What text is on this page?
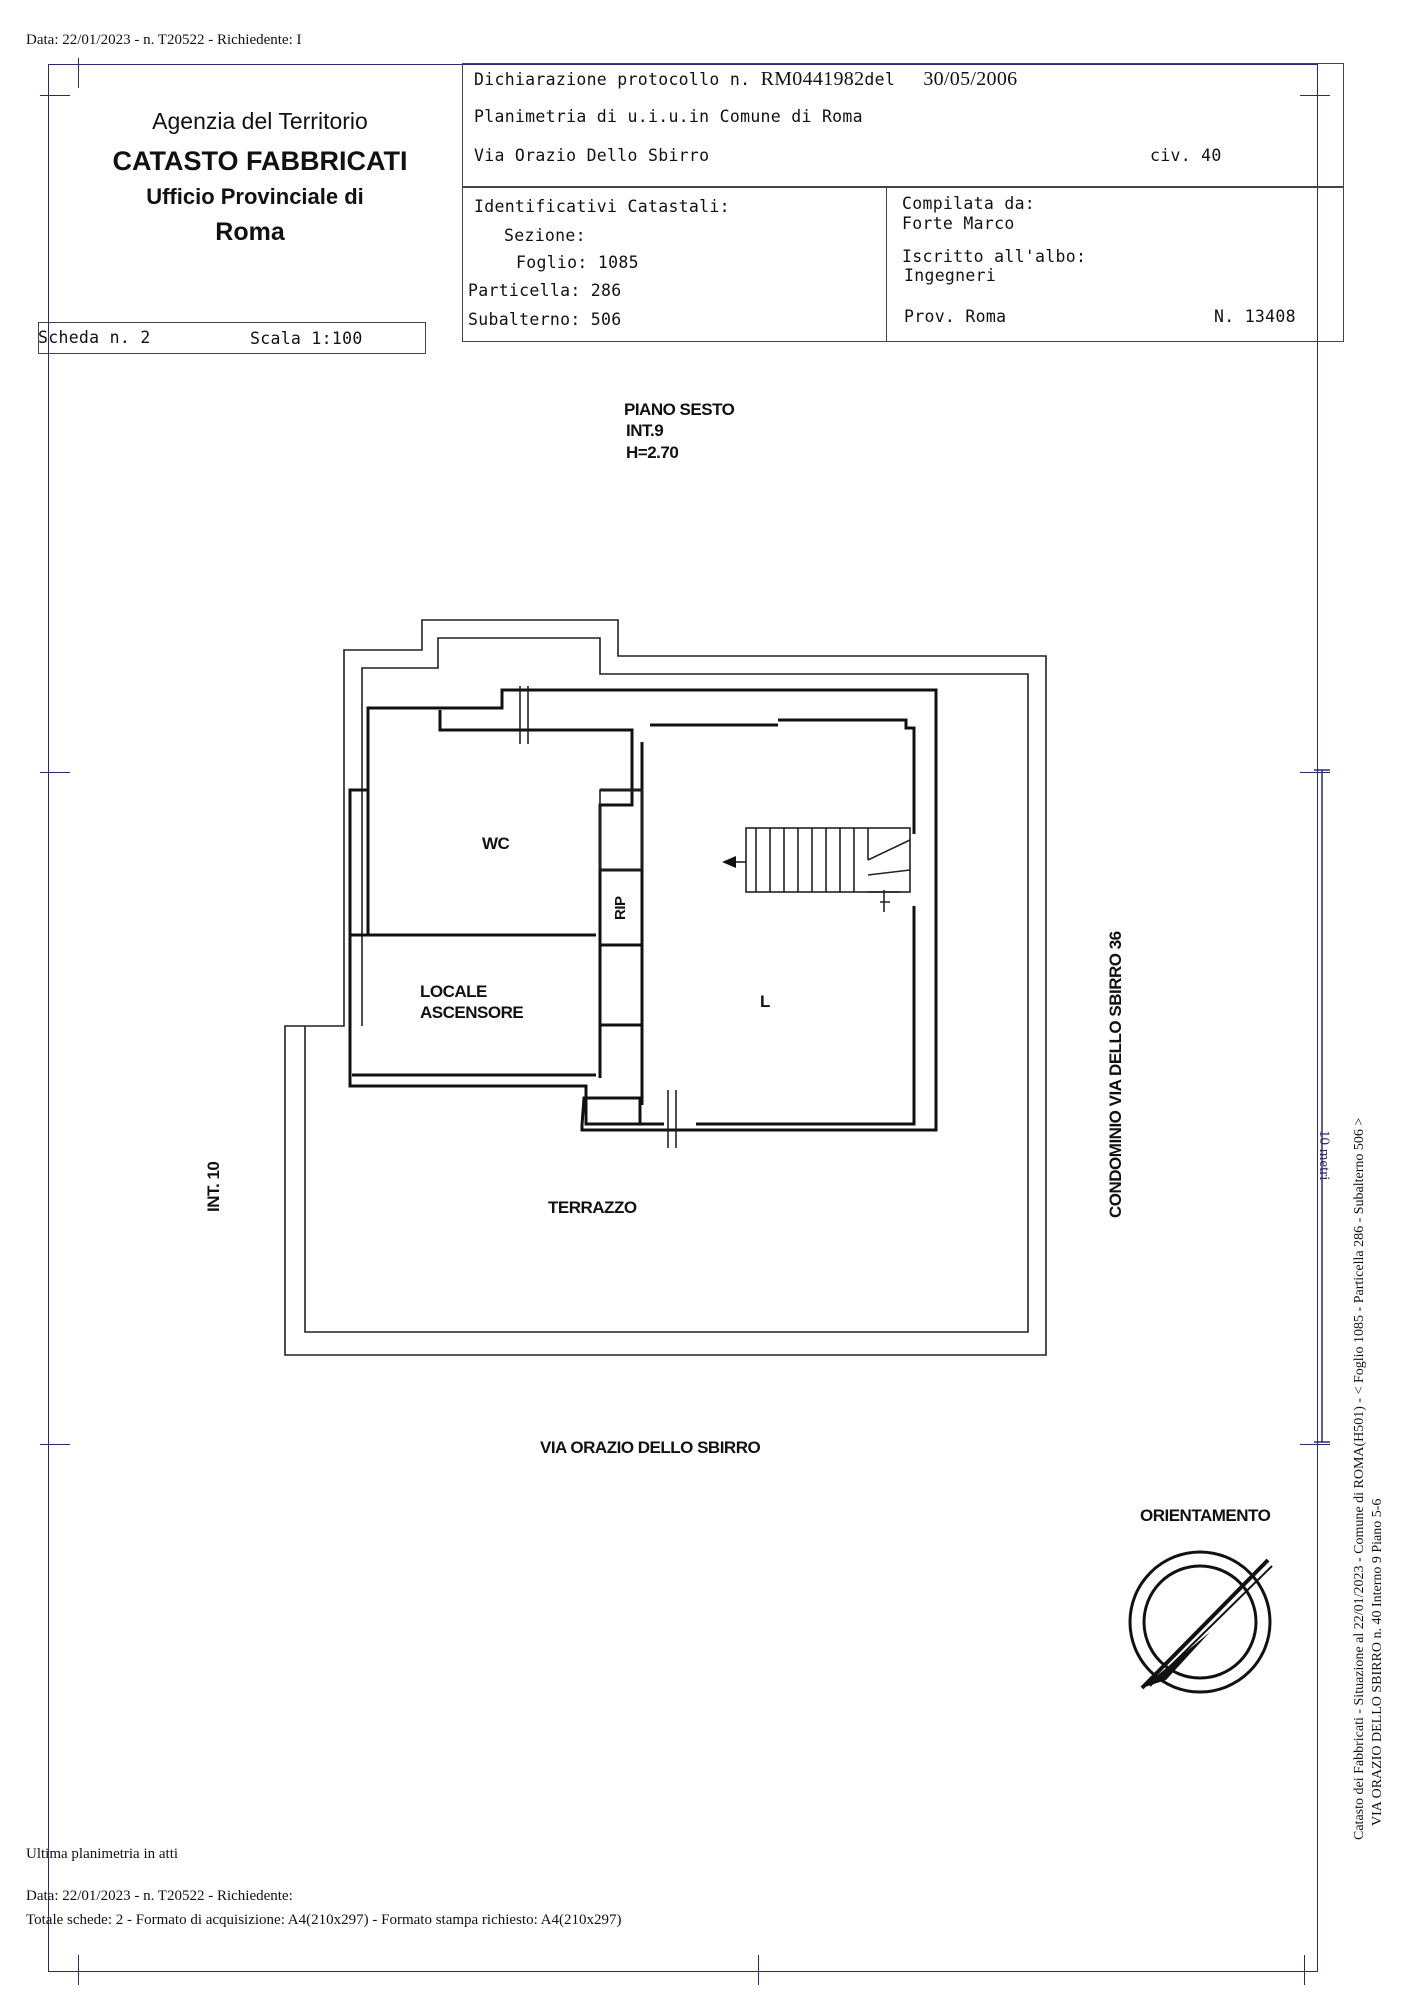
Data: 22/01/2023 - n. T20522 - Richiedente: I
Agenzia del Territorio
CATASTO FABBRICATI
Ufficio Provinciale di
Roma
Dichiarazione protocollo n. RM0441982del 30/05/2006
Planimetria di u.i.u.in Comune di Roma
Via Orazio Dello Sbirro	civ. 40
Identificativi Catastali:
Sezione:
Foglio: 1085
Particella: 286
Subalterno: 506
Compilata da:
Forte Marco
Iscritto all'albo:
Ingegneri
Prov. Roma	N. 13408
Scheda n. 2	Scala 1:100
PIANO SESTO
INT.9
H=2.70
WC
RIP
LOCALE
ASCENSORE
L
TERRAZZO
INT. 10	CONDOMINIO VIA DELLO SBIRRO 36	10 metri
VIA ORAZIO DELLO SBIRRO
ORIENTAMENTO
Ultima planimetria in atti
Data: 22/01/2023 - n. T20522 - Richiedente:
Totale schede: 2 - Formato di acquisizione: A4(210x297) - Formato stampa richiesto: A4(210x297)
Catasto dei Fabbricati - Situazione al 22/01/2023 - Comune di ROMA(H501) - < Foglio 1085 - Particella 286 - Subalterno 506 > VIA ORAZIO DELLO SBIRRO n. 40 Interno 9 Piano 5-6
